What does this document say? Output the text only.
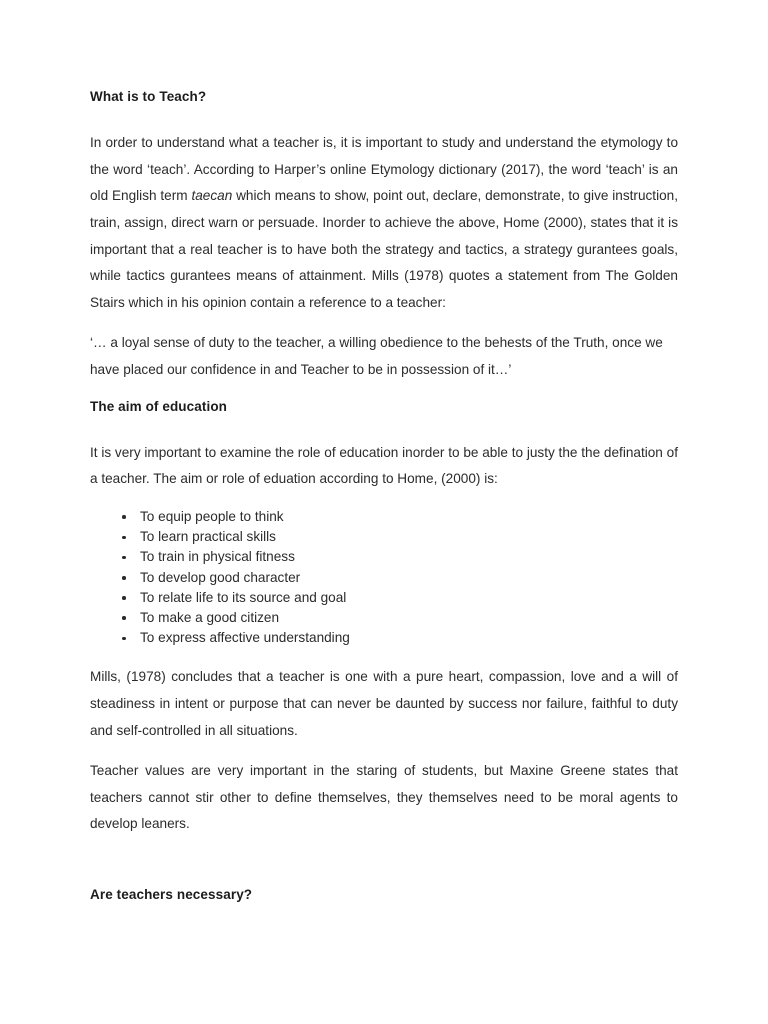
What is to Teach?

In order to understand what a teacher is, it is important to study and understand the etymology to the word ‘teach’. According to Harper’s online Etymology dictionary (2017), the word ‘teach’ is an old English term taecan which means to show, point out, declare, demonstrate, to give instruction, train, assign, direct warn or persuade. Inorder to achieve the above, Home (2000), states that it is important that a real teacher is to have both the strategy and tactics, a strategy gurantees goals, while tactics gurantees means of attainment. Mills (1978) quotes a statement from The Golden Stairs which in his opinion contain a reference to a teacher:

‘… a loyal sense of duty to the teacher, a willing obedience to the behests of the Truth, once we have placed our confidence in and Teacher to be in possession of it…’

The aim of education

It is very important to examine the role of education inorder to be able to justy the the defination of a teacher. The aim or role of eduation according to Home, (2000) is:

To equip people to think
To learn practical skills
To train in physical fitness
To develop good character
To relate life to its source and goal
To make a good citizen
To express affective understanding

Mills, (1978) concludes that a teacher is one with a pure heart, compassion, love and a will of steadiness in intent or purpose that can never be daunted by success nor failure, faithful to duty and self-controlled in all situations.

Teacher values are very important in the staring of students, but Maxine Greene states that teachers cannot stir other to define themselves, they themselves need to be moral agents to develop leaners.

Are teachers necessary?
